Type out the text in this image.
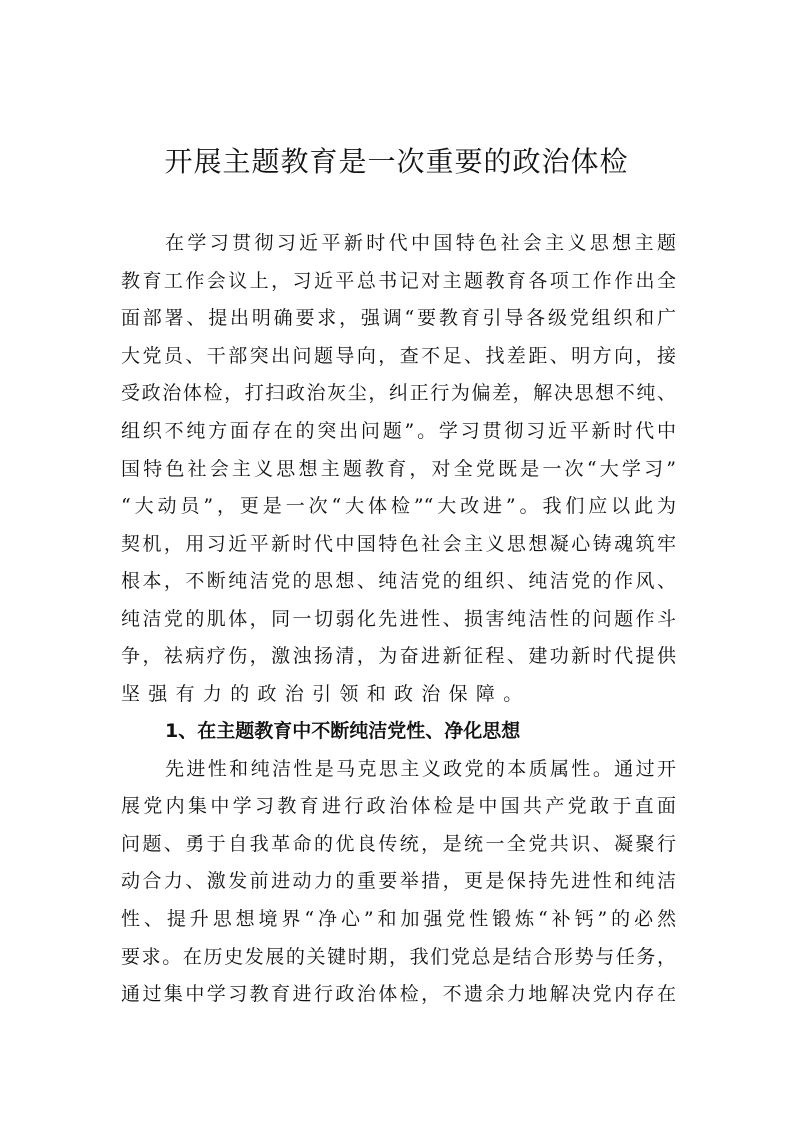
开展主题教育是一次重要的政治体检
在学习贯彻习近平新时代中国特色社会主义思想主题
教育工作会议上，习近平总书记对主题教育各项工作作出全
面部署、提出明确要求，强调“要教育引导各级党组织和广
大党员、干部突出问题导向，查不足、找差距、明方向，接
受政治体检，打扫政治灰尘，纠正行为偏差，解决思想不纯、
组织不纯方面存在的突出问题”。学习贯彻习近平新时代中
国特色社会主义思想主题教育，对全党既是一次“大学习”
“大动员”，更是一次“大体检”“大改进”。我们应以此为
契机，用习近平新时代中国特色社会主义思想凝心铸魂筑牢
根本，不断纯洁党的思想、纯洁党的组织、纯洁党的作风、
纯洁党的肌体，同一切弱化先进性、损害纯洁性的问题作斗
争，祛病疗伤，激浊扬清，为奋进新征程、建功新时代提供
坚强有力的政治引领和政治保障。
1、在主题教育中不断纯洁党性、净化思想
先进性和纯洁性是马克思主义政党的本质属性。通过开
展党内集中学习教育进行政治体检是中国共产党敢于直面
问题、勇于自我革命的优良传统，是统一全党共识、凝聚行
动合力、激发前进动力的重要举措，更是保持先进性和纯洁
性、提升思想境界“净心”和加强党性锻炼“补钙”的必然
要求。在历史发展的关键时期，我们党总是结合形势与任务，
通过集中学习教育进行政治体检，不遗余力地解决党内存在
